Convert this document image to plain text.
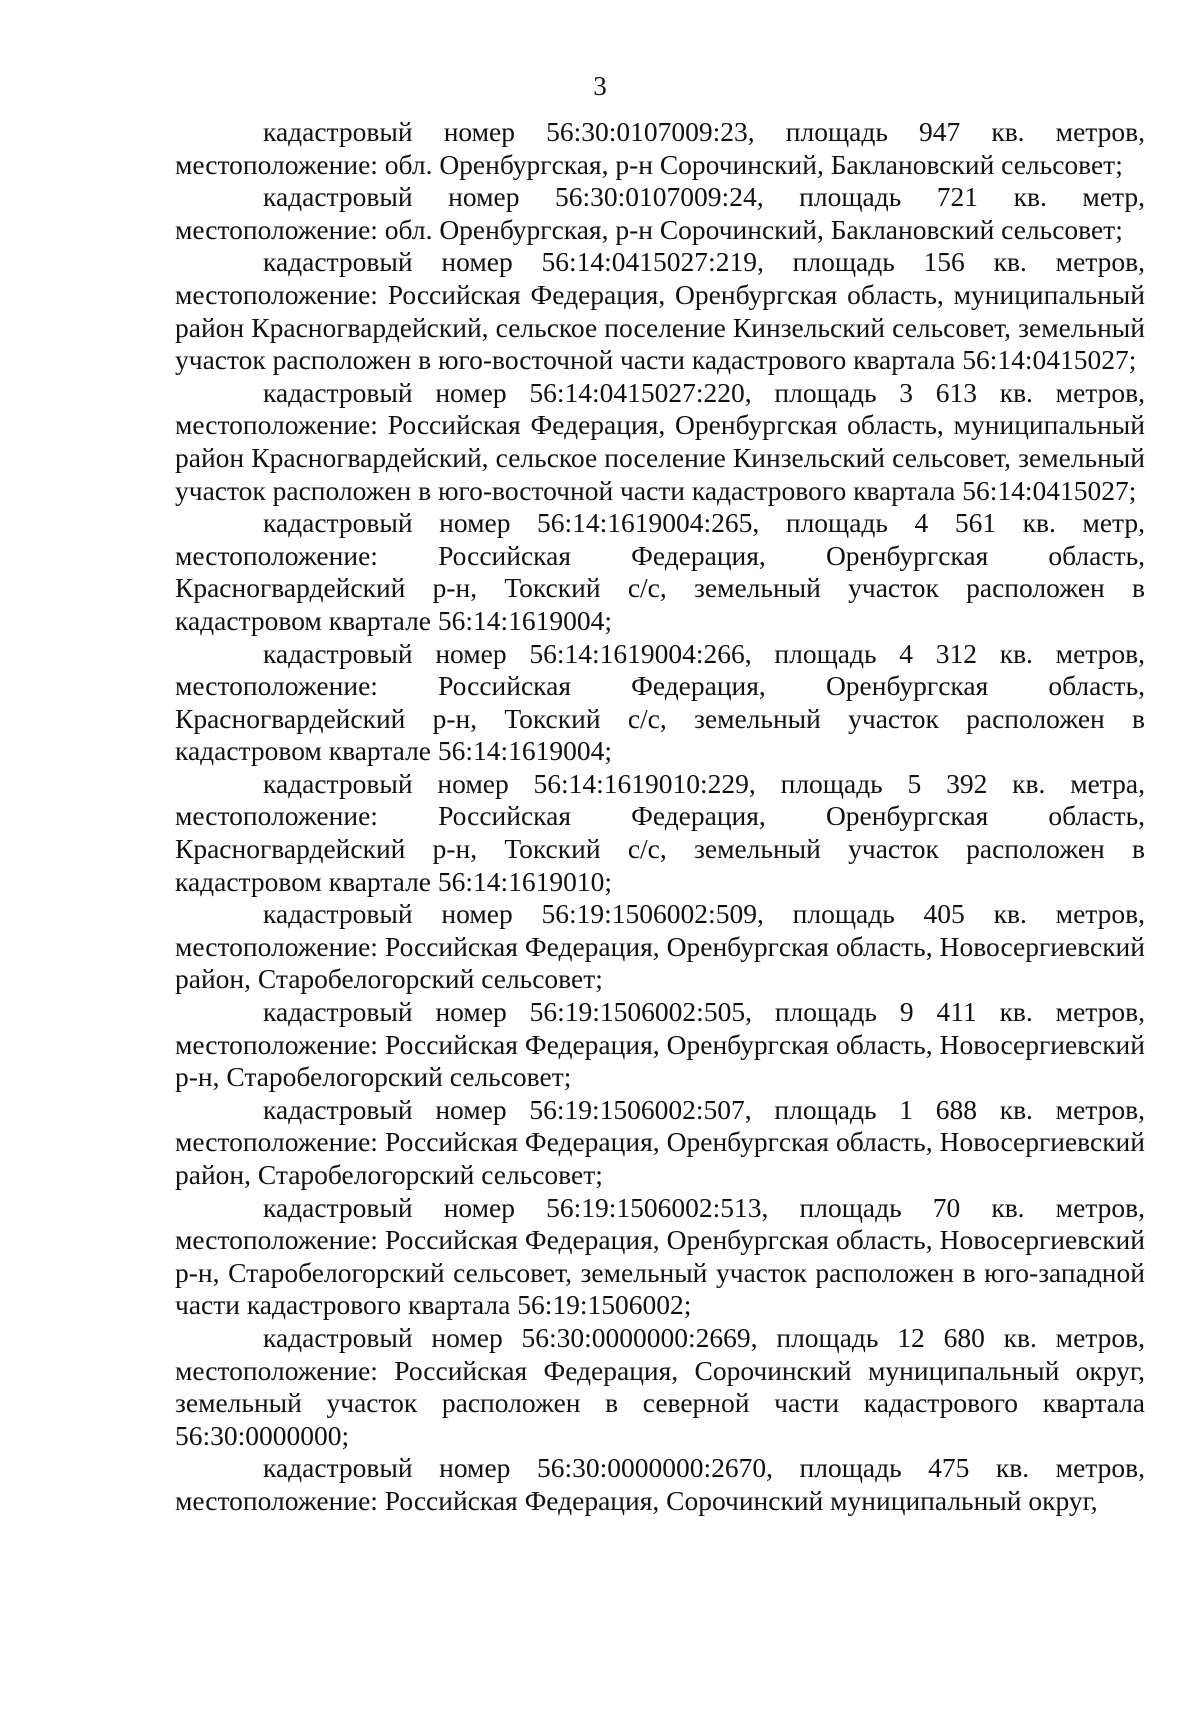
3

кадастровый номер 56:30:0107009:23, площадь 947 кв. метров, местоположение: обл. Оренбургская, р-н Сорочинский, Баклановский сельсовет;

кадастровый номер 56:30:0107009:24, площадь 721 кв. метр, местоположение: обл. Оренбургская, р-н Сорочинский, Баклановский сельсовет;

кадастровый номер 56:14:0415027:219, площадь 156 кв. метров, местоположение: Российская Федерация, Оренбургская область, муниципальный район Красногвардейский, сельское поселение Кинзельский сельсовет, земельный участок расположен в юго-восточной части кадастрового квартала 56:14:0415027;

кадастровый номер 56:14:0415027:220, площадь 3 613 кв. метров, местоположение: Российская Федерация, Оренбургская область, муниципальный район Красногвардейский, сельское поселение Кинзельский сельсовет, земельный участок расположен в юго-восточной части кадастрового квартала 56:14:0415027;

кадастровый номер 56:14:1619004:265, площадь 4 561 кв. метр, местоположение: Российская Федерация, Оренбургская область, Красногвардейский р-н, Токский с/с, земельный участок расположен в кадастровом квартале 56:14:1619004;

кадастровый номер 56:14:1619004:266, площадь 4 312 кв. метров, местоположение: Российская Федерация, Оренбургская область, Красногвардейский р-н, Токский с/с, земельный участок расположен в кадастровом квартале 56:14:1619004;

кадастровый номер 56:14:1619010:229, площадь 5 392 кв. метра, местоположение: Российская Федерация, Оренбургская область, Красногвардейский р-н, Токский с/с, земельный участок расположен в кадастровом квартале 56:14:1619010;

кадастровый номер 56:19:1506002:509, площадь 405 кв. метров, местоположение: Российская Федерация, Оренбургская область, Новосергиевский район, Старобелогорский сельсовет;

кадастровый номер 56:19:1506002:505, площадь 9 411 кв. метров, местоположение: Российская Федерация, Оренбургская область, Новосергиевский р-н, Старобелогорский сельсовет;

кадастровый номер 56:19:1506002:507, площадь 1 688 кв. метров, местоположение: Российская Федерация, Оренбургская область, Новосергиевский район, Старобелогорский сельсовет;

кадастровый номер 56:19:1506002:513, площадь 70 кв. метров, местоположение: Российская Федерация, Оренбургская область, Новосергиевский р-н, Старобелогорский сельсовет, земельный участок расположен в юго-западной части кадастрового квартала 56:19:1506002;

кадастровый номер 56:30:0000000:2669, площадь 12 680 кв. метров, местоположение: Российская Федерация, Сорочинский муниципальный округ, земельный участок расположен в северной части кадастрового квартала 56:30:0000000;

кадастровый номер 56:30:0000000:2670, площадь 475 кв. метров, местоположение: Российская Федерация, Сорочинский муниципальный округ,
